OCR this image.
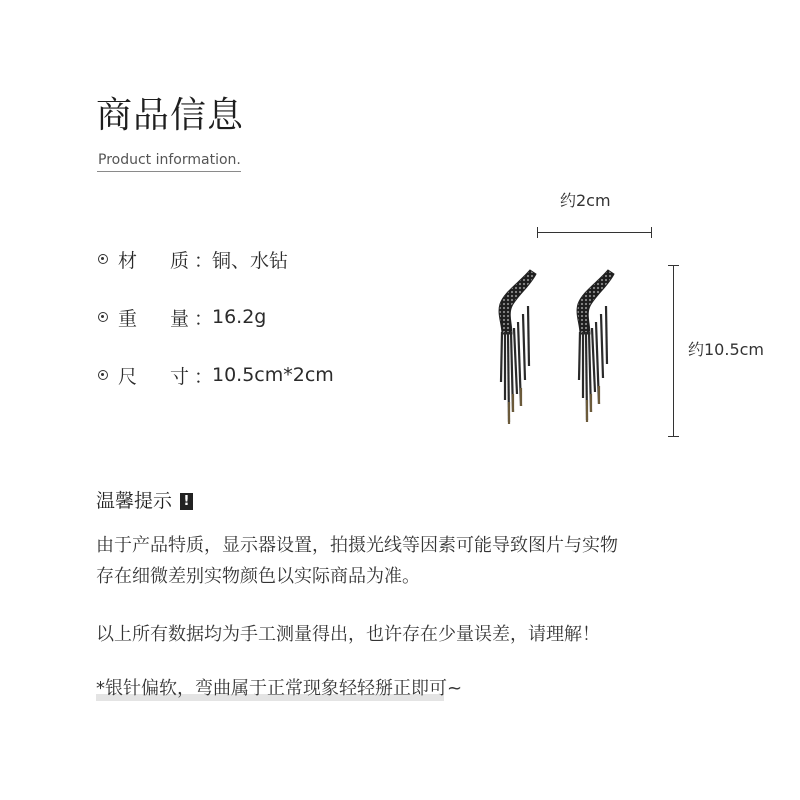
商品信息
Product information.
材	质 ：
铜、水钻
重	量 ：
16.2g
尺	寸 ：
10.5cm*2cm
约2cm
约10.5cm
温馨提示 !
由于产品特质，显示器设置，拍摄光线等因素可能导致图片与实物
存在细微差别实物颜色以实际商品为准。
以上所有数据均为手工测量得出，也许存在少量误差，请理解！
*银针偏软，弯曲属于正常现象轻轻掰正即可~
